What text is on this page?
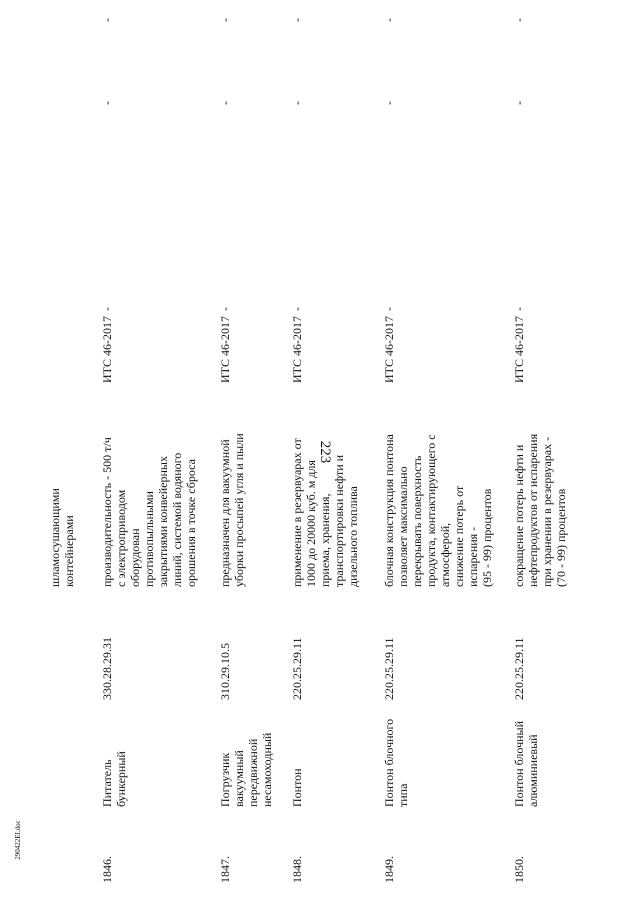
223
290422EI.doc
шламосушающими
контейнерами
1846.
Питатель
бункерный
330.28.29.31
производительность - 500 т/ч
с электроприводом
оборудован
противопыльными
закрытиями конвейерных
линий, системой водяного
орошения в точке сброса
ИТС 46-2017
-
-
-
1847.
Погрузчик
вакуумный
передвижной
несамоходный
310.29.10.5
предназначен для вакуумной
уборки просыпей угля и пыли
ИТС 46-2017
-
-
-
1848.
Понтон
220.25.29.11
применение в резервуарах от
1000 до 20000 куб. м для
приема, хранения,
транспортировки нефти и
дизельного топлива
ИТС 46-2017
-
-
-
1849.
Понтон блочного
типа
220.25.29.11
блочная конструкция понтона
позволяет максимально
перекрывать поверхность
продукта, контактирующего с
атмосферой,
снижение потерь от
испарения -
(95 - 99) процентов
ИТС 46-2017
-
-
-
1850.
Понтон блочный
алюминиевый
220.25.29.11
сокращение потерь нефти и
нефтепродуктов от испарения
при хранении в резервуарах -
(70 - 99) процентов
ИТС 46-2017
-
-
-
